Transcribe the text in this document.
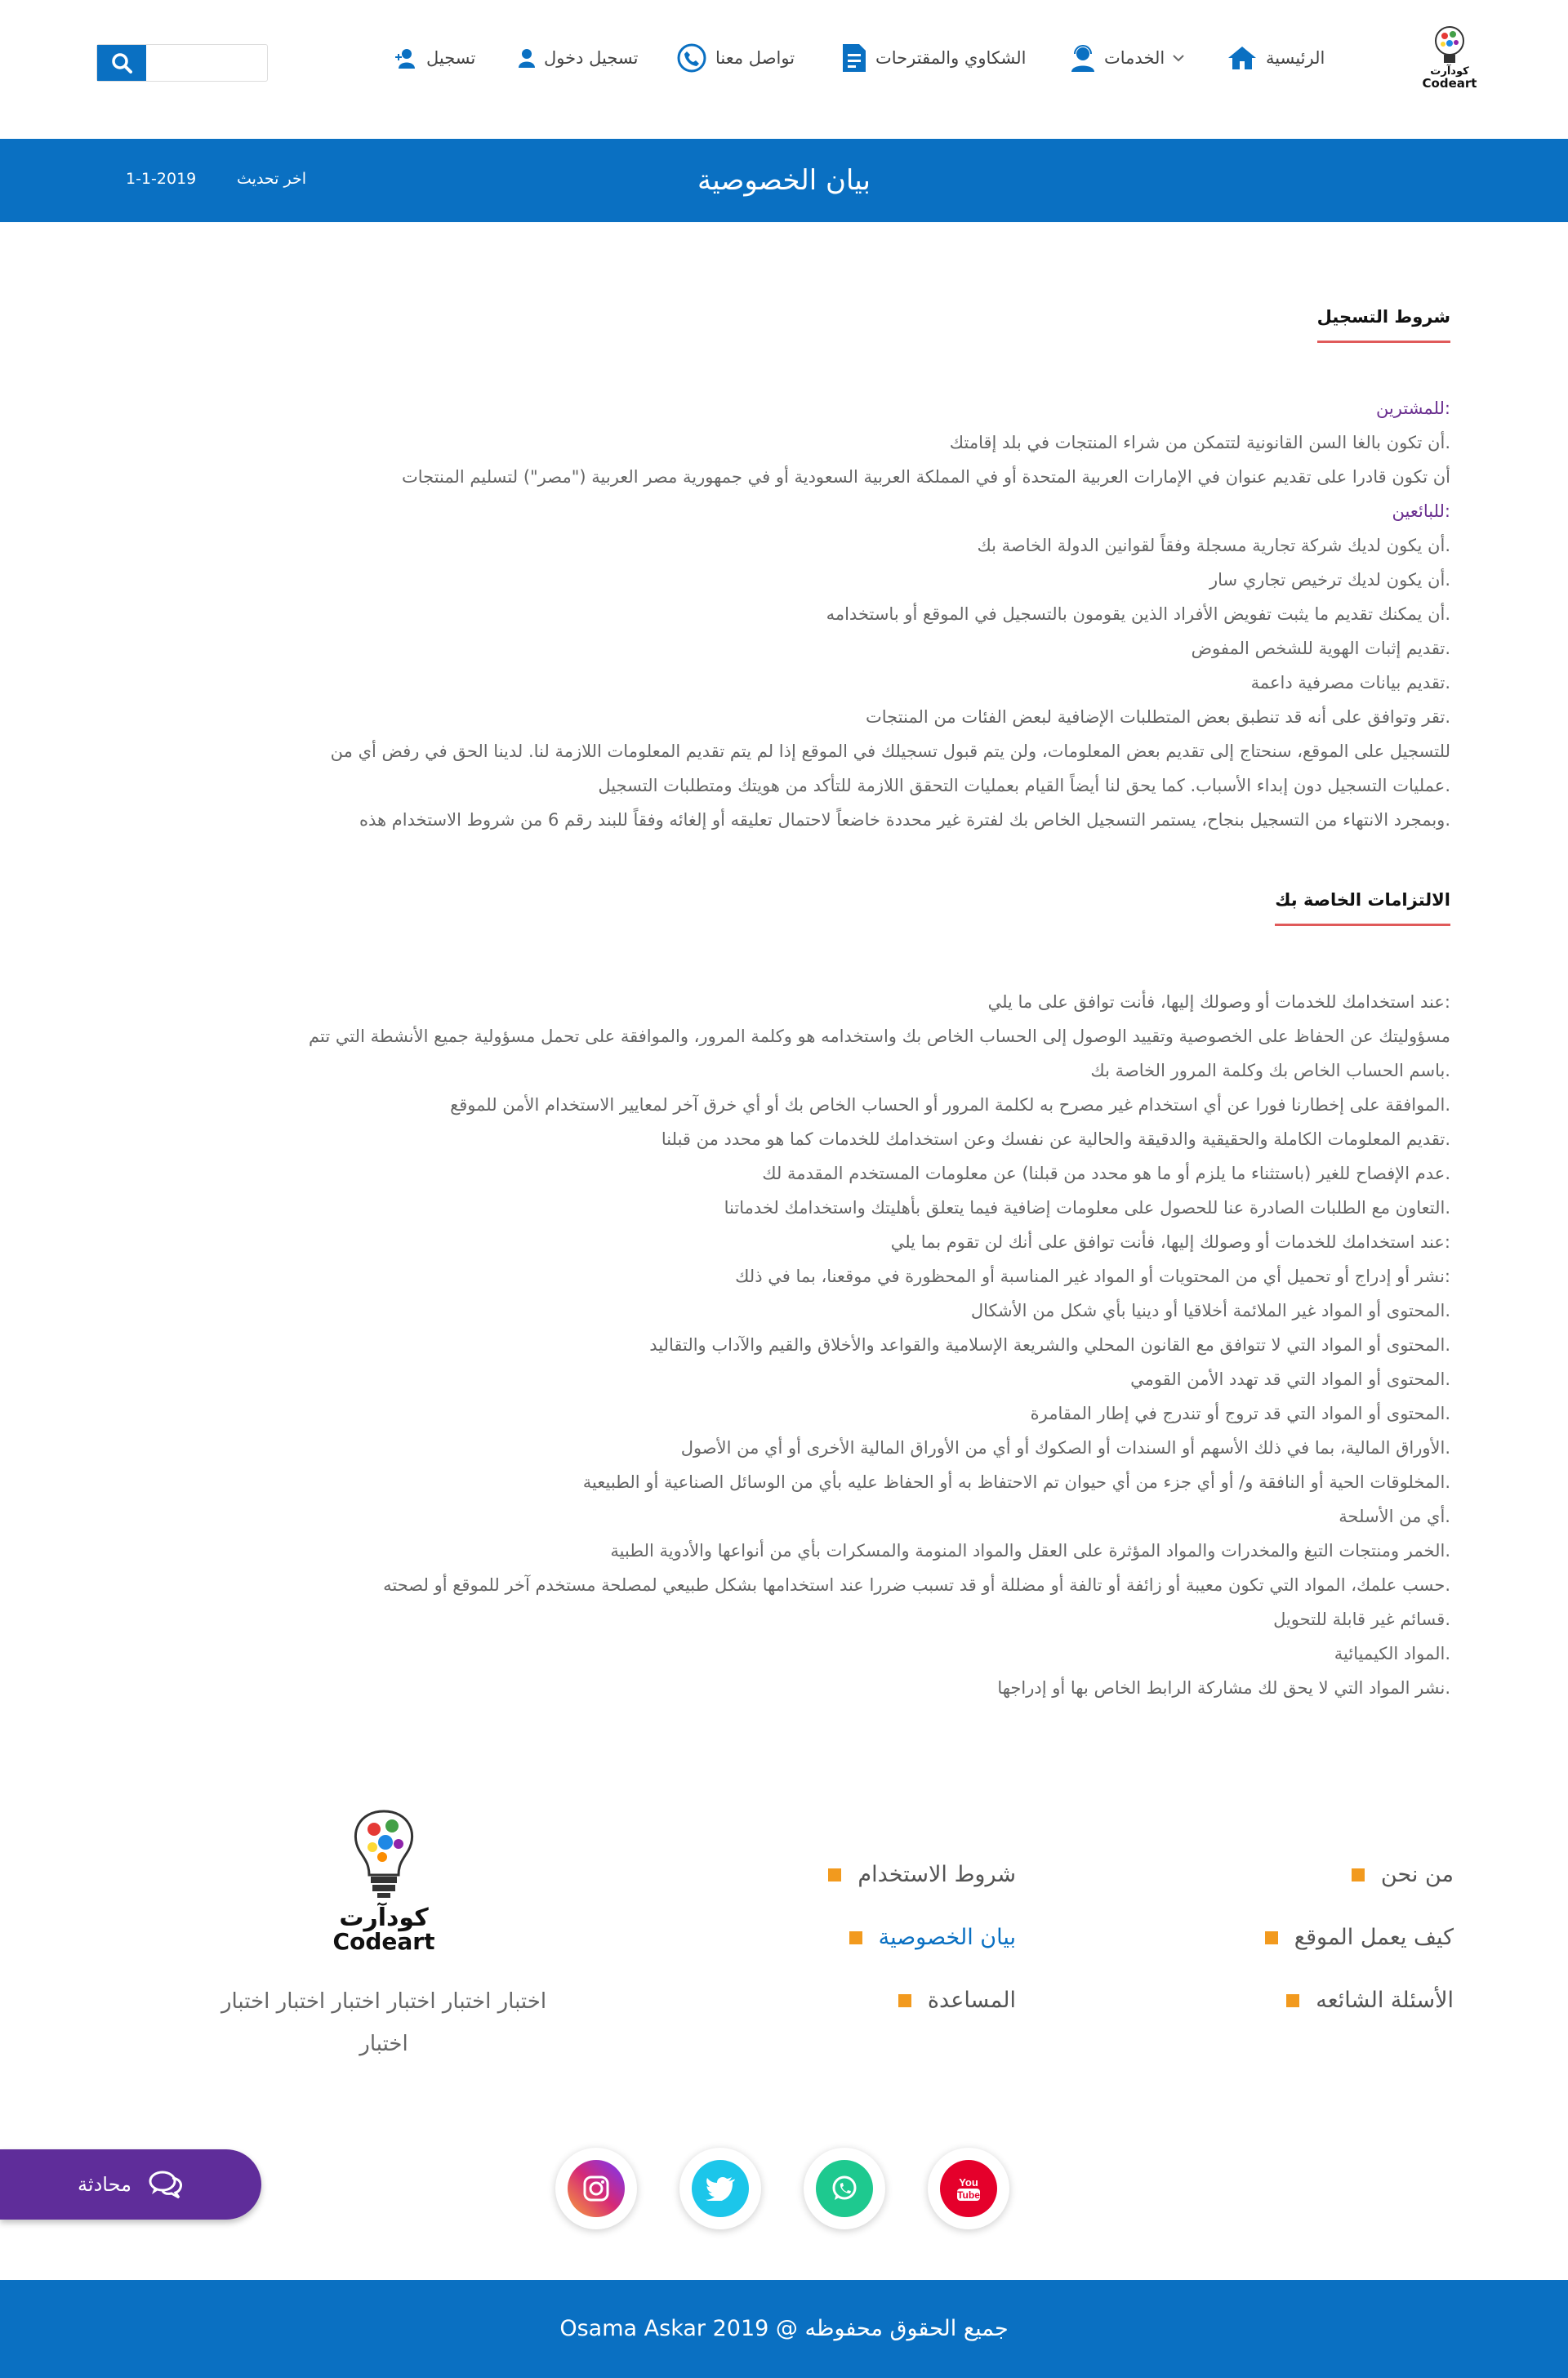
كودآرت
Codeart
الرئيسية
الخدمات
الشكاوي والمقترحات
تواصل معنا
تسجيل دخول
تسجيل
بيان الخصوصية
اخر تحديث
1-1-2019
شروط التسجيل

:للمشترين

.أن تكون بالغا السن القانونية لتتمكن من شراء المنتجات في بلد إقامتك

أن تكون قادرا على تقديم عنوان في الإمارات العربية المتحدة أو في المملكة العربية السعودية أو في جمهورية مصر العربية ("مصر") لتسليم المنتجات

:للبائعين

.أن يكون لديك شركة تجارية مسجلة وفقاً لقوانين الدولة الخاصة بك

.أن يكون لديك ترخيص تجاري سار

.أن يمكنك تقديم ما يثبت تفويض الأفراد الذين يقومون بالتسجيل في الموقع أو باستخدامه

.تقديم إثبات الهوية للشخص المفوض

.تقديم بيانات مصرفية داعمة

.تقر وتوافق على أنه قد تنطبق بعض المتطلبات الإضافية لبعض الفئات من المنتجات

للتسجيل على الموقع، سنحتاج إلى تقديم بعض المعلومات، ولن يتم قبول تسجيلك في الموقع إذا لم يتم تقديم المعلومات اللازمة لنا. لدينا الحق في رفض أي من

.عمليات التسجيل دون إبداء الأسباب. كما يحق لنا أيضاً القيام بعمليات التحقق اللازمة للتأكد من هويتك ومتطلبات التسجيل

.وبمجرد الانتهاء من التسجيل بنجاح، يستمر التسجيل الخاص بك لفترة غير محددة خاضعاً لاحتمال تعليقه أو إلغائه وفقاً للبند رقم 6 من شروط الاستخدام هذه

الالتزامات الخاصة بك

:عند استخدامك للخدمات أو وصولك إليها، فأنت توافق على ما يلي

مسؤوليتك عن الحفاظ على الخصوصية وتقييد الوصول إلى الحساب الخاص بك واستخدامه هو وكلمة المرور، والموافقة على تحمل مسؤولية جميع الأنشطة التي تتم

.باسم الحساب الخاص بك وكلمة المرور الخاصة بك

.الموافقة على إخطارنا فورا عن أي استخدام غير مصرح به لكلمة المرور أو الحساب الخاص بك أو أي خرق آخر لمعايير الاستخدام الأمن للموقع

.تقديم المعلومات الكاملة والحقيقية والدقيقة والحالية عن نفسك وعن استخدامك للخدمات كما هو محدد من قبلنا

.عدم الإفصاح للغير (باستثناء ما يلزم أو ما هو محدد من قبلنا) عن معلومات المستخدم المقدمة لك

.التعاون مع الطلبات الصادرة عنا للحصول على معلومات إضافية فيما يتعلق بأهليتك واستخدامك لخدماتنا

:عند استخدامك للخدمات أو وصولك إليها، فأنت توافق على أنك لن تقوم بما يلي

:نشر أو إدراج أو تحميل أي من المحتويات أو المواد غير المناسبة أو المحظورة في موقعنا، بما في ذلك

.المحتوى أو المواد غير الملائمة أخلاقيا أو دينيا بأي شكل من الأشكال

.المحتوى أو المواد التي لا تتوافق مع القانون المحلي والشريعة الإسلامية والقواعد والأخلاق والقيم والآداب والتقاليد

.المحتوى أو المواد التي قد تهدد الأمن القومي

.المحتوى أو المواد التي قد تروج أو تندرج في إطار المقامرة

.الأوراق المالية، بما في ذلك الأسهم أو السندات أو الصكوك أو أي من الأوراق المالية الأخرى أو أي من الأصول

.المخلوقات الحية أو النافقة و/ أو أي جزء من أي حيوان تم الاحتفاظ به أو الحفاظ عليه بأي من الوسائل الصناعية أو الطبيعية

.أي من الأسلحة

.الخمر ومنتجات التبغ والمخدرات والمواد المؤثرة على العقل والمواد المنومة والمسكرات بأي من أنواعها والأدوية الطبية

.حسب علمك، المواد التي تكون معيبة أو زائفة أو تالفة أو مضللة أو قد تسبب ضررا عند استخدامها بشكل طبيعي لمصلحة مستخدم آخر للموقع أو لصحته

.قسائم غير قابلة للتحويل

.المواد الكيميائية

.نشر المواد التي لا يحق لك مشاركة الرابط الخاص بها أو إدراجها

من نحن
كيف يعمل الموقع
الأسئلة الشائعه
شروط الاستخدام
بيان الخصوصية
المساعدة
كودآرت
Codeart
اختبار اختبار اختبار اختبار اختبار اختبار اختبار
You
Tube
محادثة
جميع الحقوق محفوظه @ 2019 Osama Askar
